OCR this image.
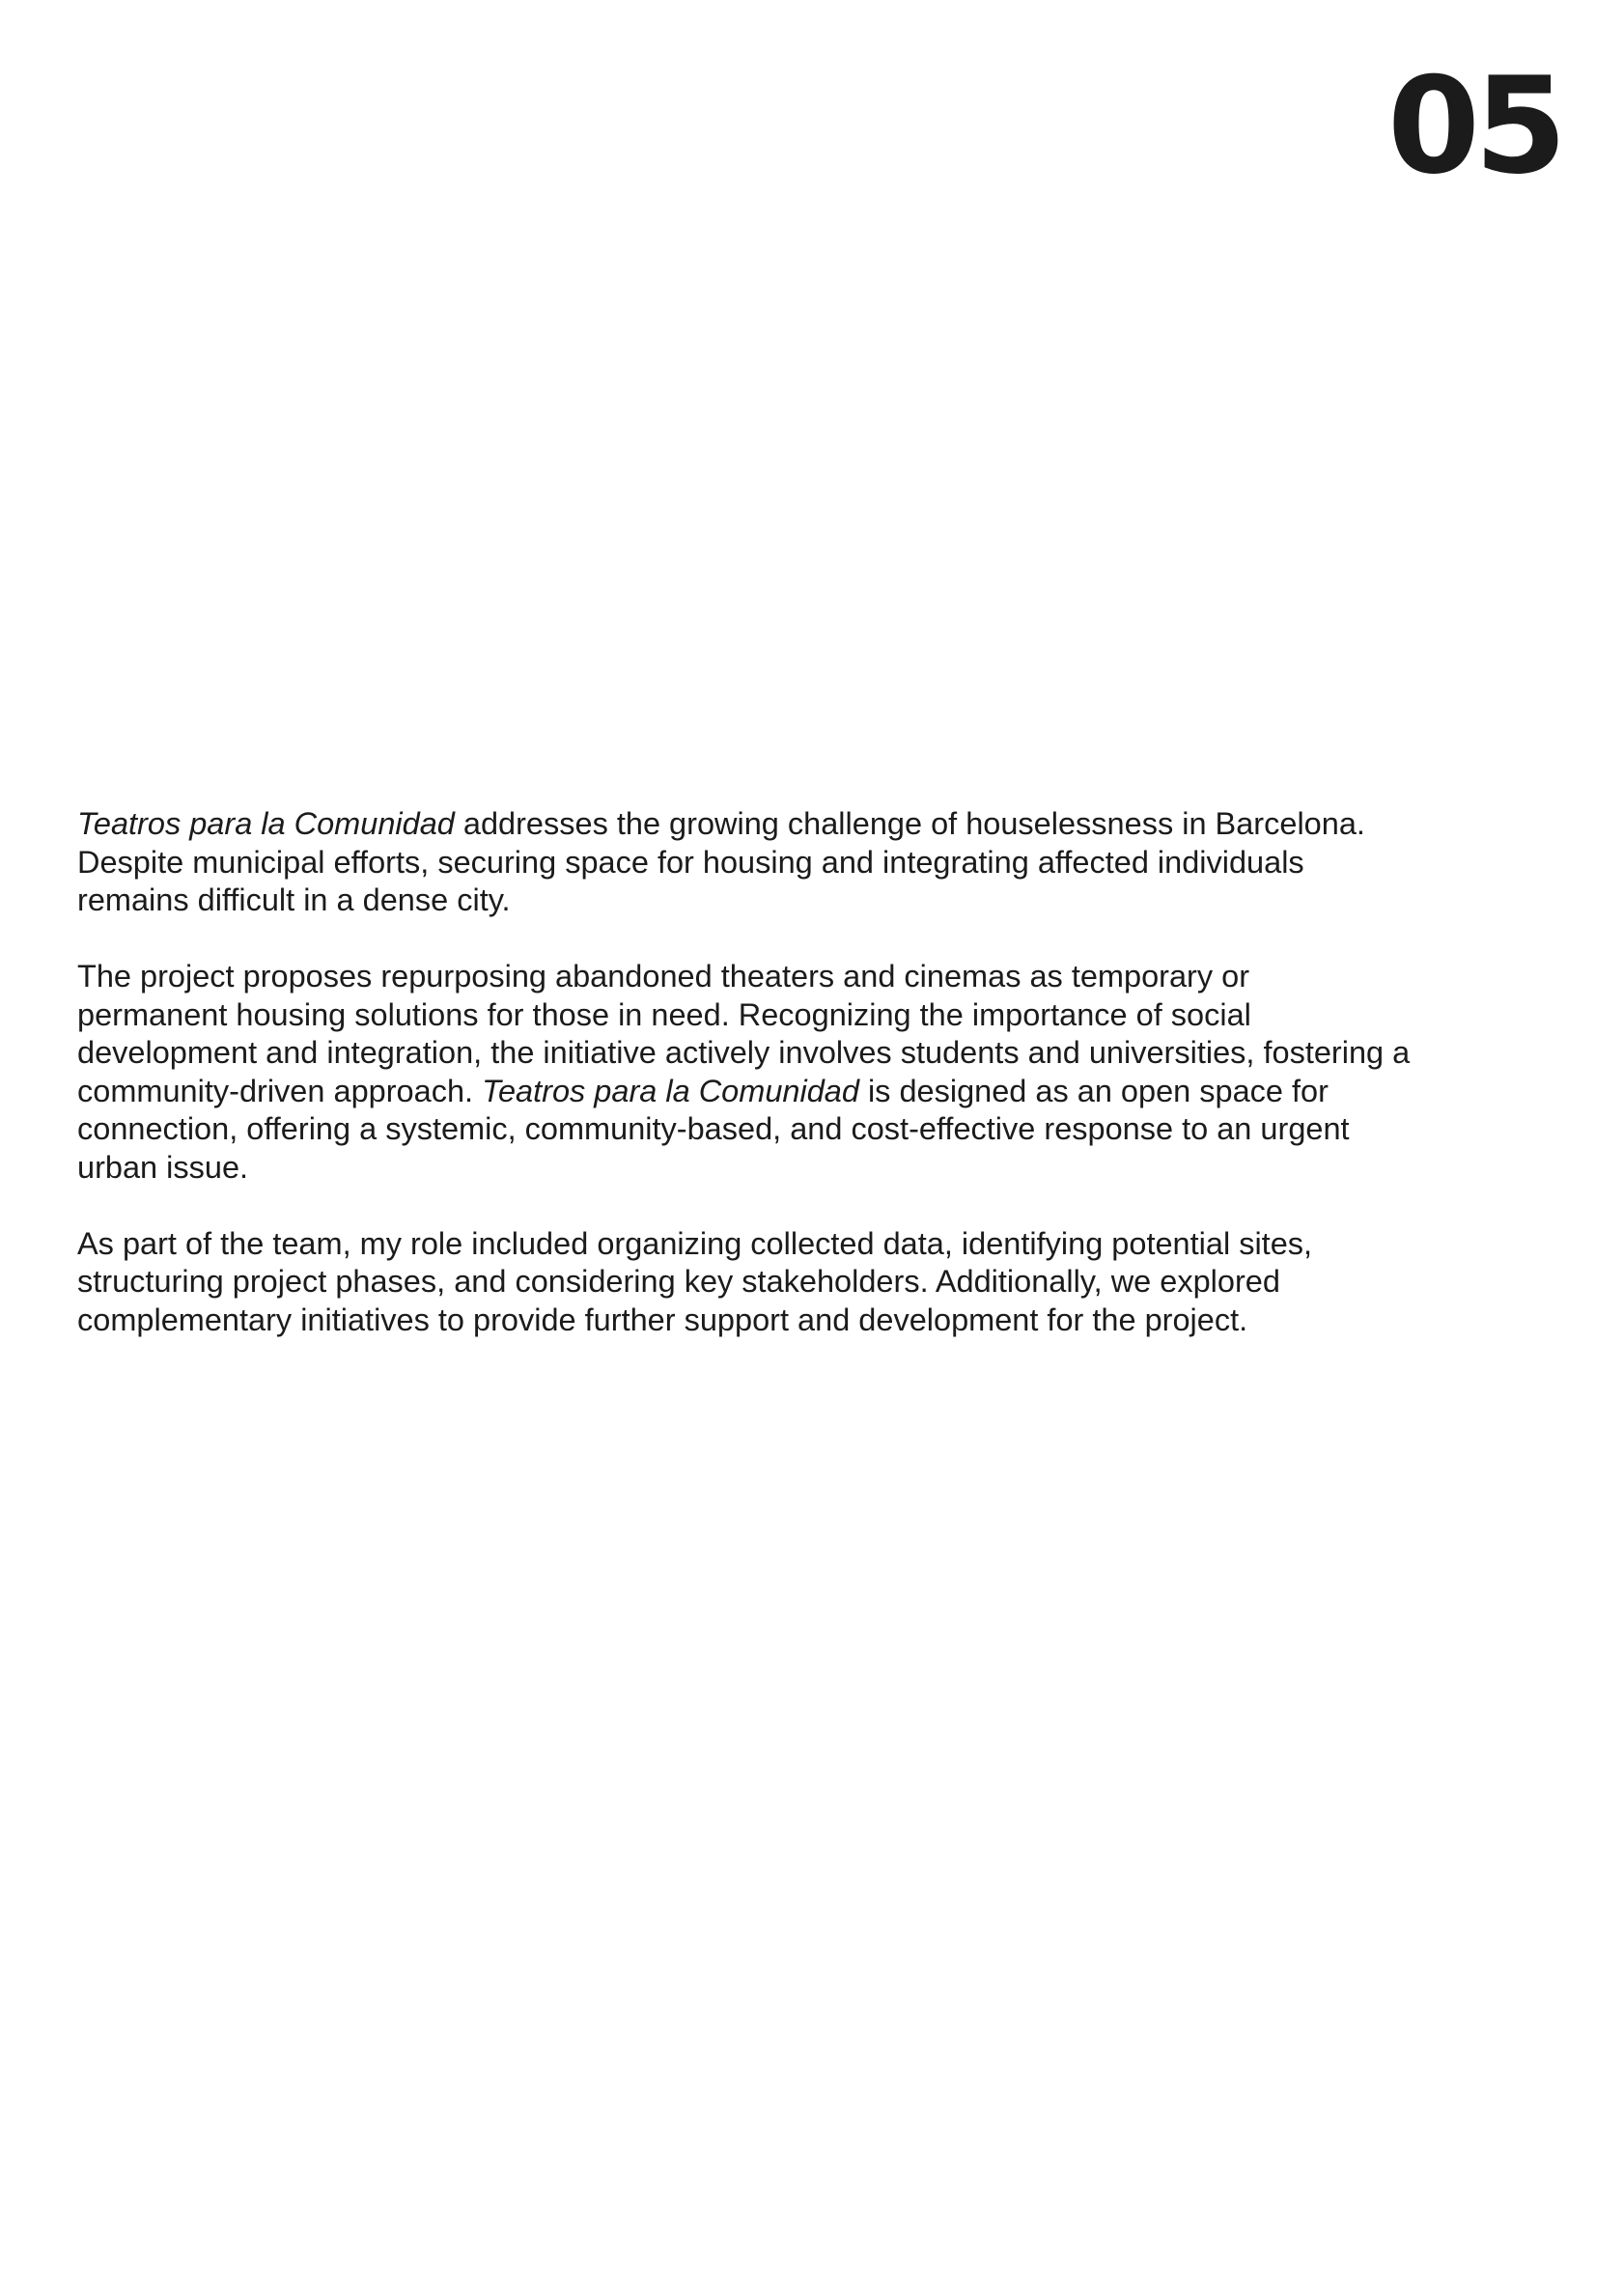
05

Teatros para la Comunidad addresses the growing challenge of houselessness in Barcelona.
Despite municipal efforts, securing space for housing and integrating affected individuals
remains difficult in a dense city.

The project proposes repurposing abandoned theaters and cinemas as temporary or
permanent housing solutions for those in need. Recognizing the importance of social
development and integration, the initiative actively involves students and universities, fostering a
community-driven approach. Teatros para la Comunidad is designed as an open space for
connection, offering a systemic, community-based, and cost-effective response to an urgent
urban issue.

As part of the team, my role included organizing collected data, identifying potential sites,
structuring project phases, and considering key stakeholders. Additionally, we explored
complementary initiatives to provide further support and development for the project.
